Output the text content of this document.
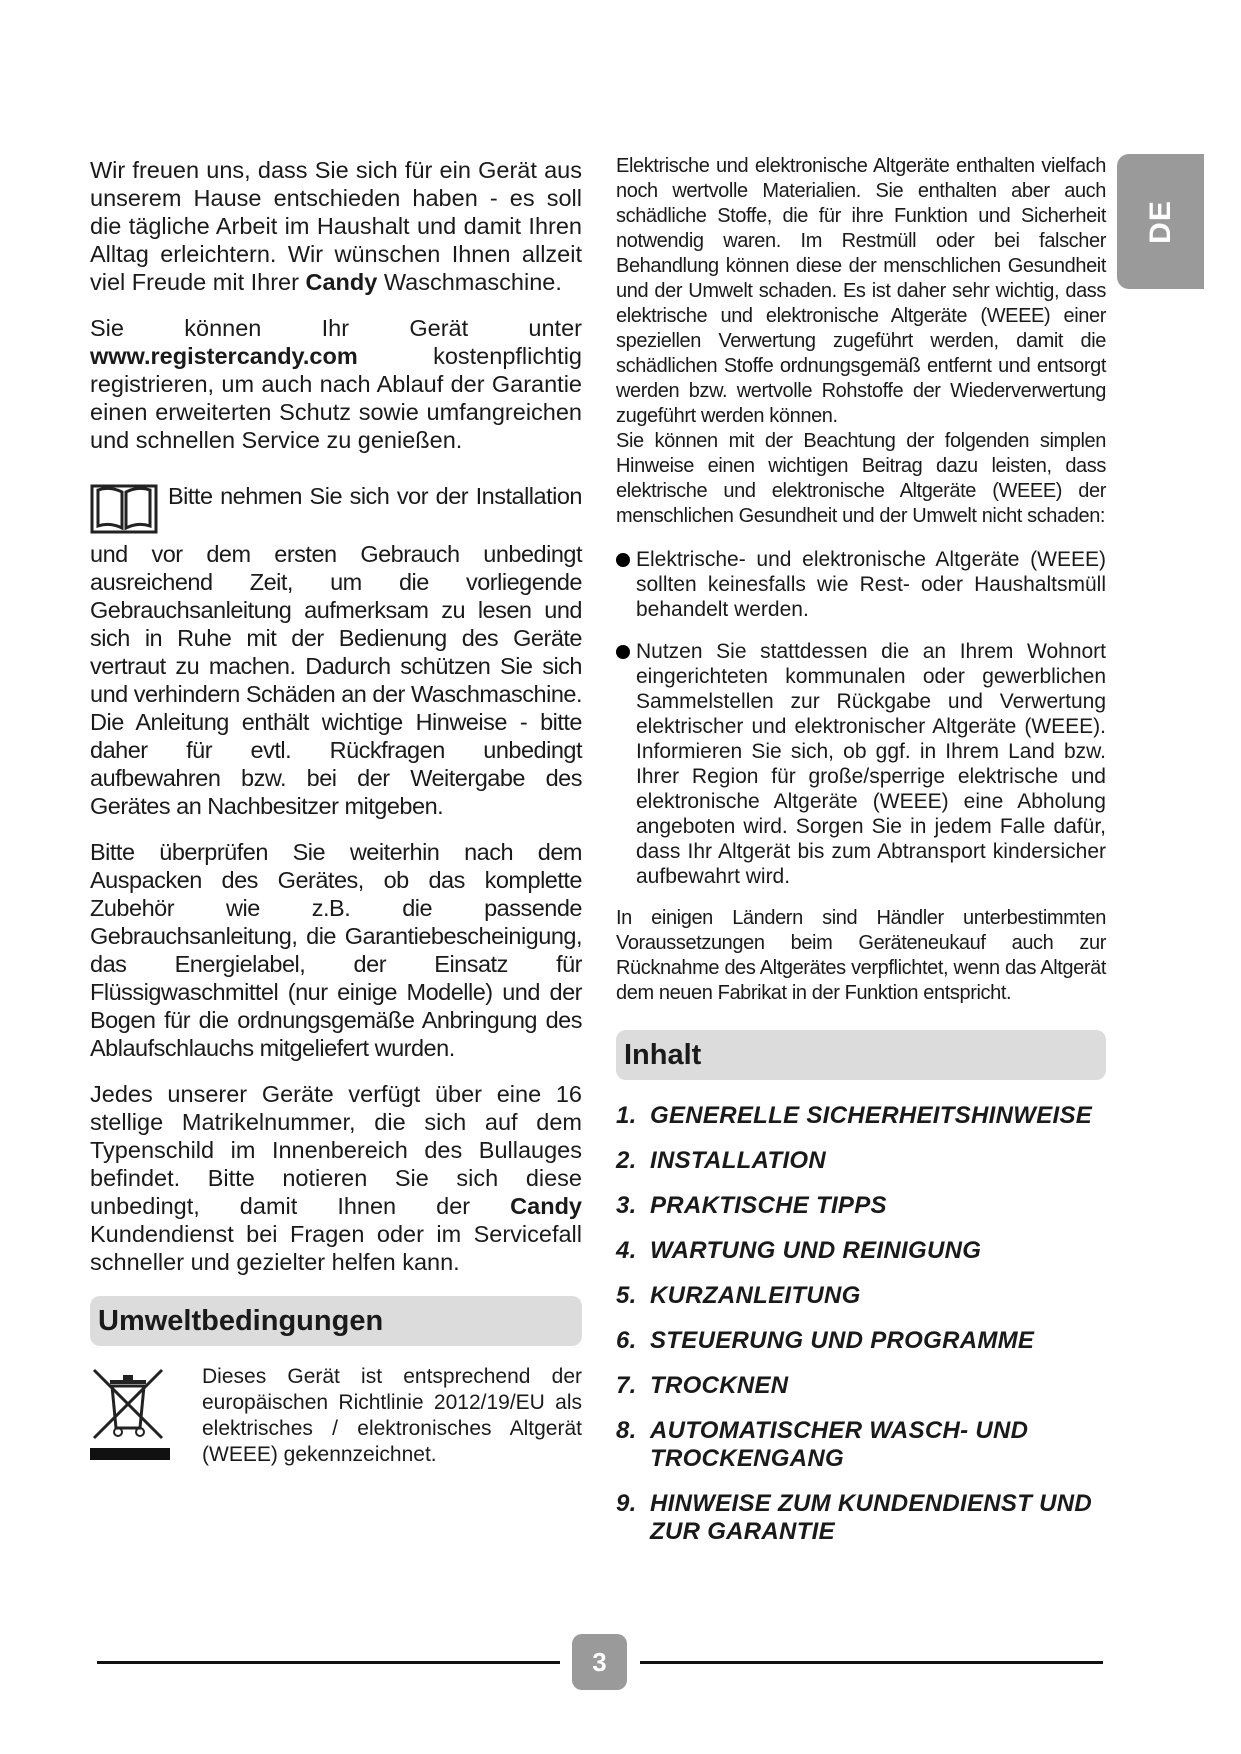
DE

Wir freuen uns, dass Sie sich für ein Gerät aus unserem Hause entschieden haben - es soll die tägliche Arbeit im Haushalt und damit Ihren Alltag erleichtern. Wir wünschen Ihnen allzeit viel Freude mit Ihrer Candy Waschmaschine.

Sie können Ihr Gerät unter www.registercandy.com kostenpflichtig registrieren, um auch nach Ablauf der Garantie einen erweiterten Schutz sowie umfangreichen und schnellen Service zu genießen.

Bitte nehmen Sie sich vor der Installation und vor dem ersten Gebrauch unbedingt ausreichend Zeit, um die vorliegende Gebrauchsanleitung aufmerksam zu lesen und sich in Ruhe mit der Bedienung des Geräte vertraut zu machen. Dadurch schützen Sie sich und verhindern Schäden an der Waschmaschine. Die Anleitung enthält wichtige Hinweise - bitte daher für evtl. Rückfragen unbedingt aufbewahren bzw. bei der Weitergabe des Gerätes an Nachbesitzer mitgeben.

Bitte überprüfen Sie weiterhin nach dem Auspacken des Gerätes, ob das komplette Zubehör wie z.B. die passende Gebrauchsanleitung, die Garantiebescheinigung, das Energielabel, der Einsatz für Flüssigwaschmittel (nur einige Modelle) und der Bogen für die ordnungsgemäße Anbringung des Ablaufschlauchs mitgeliefert wurden.

Jedes unserer Geräte verfügt über eine 16 stellige Matrikelnummer, die sich auf dem Typenschild im Innenbereich des Bullauges befindet. Bitte notieren Sie sich diese unbedingt, damit Ihnen der Candy Kundendienst bei Fragen oder im Servicefall schneller und gezielter helfen kann.

Umweltbedingungen
Dieses Gerät ist entsprechend der europäischen Richtlinie 2012/19/EU als elektrisches / elektronisches Altgerät (WEEE) gekennzeichnet.

Elektrische und elektronische Altgeräte enthalten vielfach noch wertvolle Materialien. Sie enthalten aber auch schädliche Stoffe, die für ihre Funktion und Sicherheit notwendig waren. Im Restmüll oder bei falscher Behandlung können diese der menschlichen Gesundheit und der Umwelt schaden. Es ist daher sehr wichtig, dass elektrische und elektronische Altgeräte (WEEE) einer speziellen Verwertung zugeführt werden, damit die schädlichen Stoffe ordnungsgemäß entfernt und entsorgt werden bzw. wertvolle Rohstoffe der Wiederverwertung zugeführt werden können.

Sie können mit der Beachtung der folgenden simplen Hinweise einen wichtigen Beitrag dazu leisten, dass elektrische und elektronische Altgeräte (WEEE) der menschlichen Gesundheit und der Umwelt nicht schaden:

Elektrische- und elektronische Altgeräte (WEEE) sollten keinesfalls wie Rest- oder Haushaltsmüll behandelt werden.

Nutzen Sie stattdessen die an Ihrem Wohnort eingerichteten kommunalen oder gewerblichen Sammelstellen zur Rückgabe und Verwertung elektrischer und elektronischer Altgeräte (WEEE). Informieren Sie sich, ob ggf. in Ihrem Land bzw. Ihrer Region für große/sperrige elektrische und elektronische Altgeräte (WEEE) eine Abholung angeboten wird. Sorgen Sie in jedem Falle dafür, dass Ihr Altgerät bis zum Abtransport kindersicher aufbewahrt wird.

In einigen Ländern sind Händler unterbestimmten Voraussetzungen beim Geräteneukauf auch zur Rücknahme des Altgerätes verpflichtet, wenn das Altgerät dem neuen Fabrikat in der Funktion entspricht.

Inhalt
1. GENERELLE SICHERHEITSHINWEISE
2. INSTALLATION
3. PRAKTISCHE TIPPS
4. WARTUNG UND REINIGUNG
5. KURZANLEITUNG
6. STEUERUNG UND PROGRAMME
7. TROCKNEN
8. AUTOMATISCHER WASCH- UND TROCKENGANG
9. HINWEISE ZUM KUNDENDIENST UND ZUR GARANTIE
3
